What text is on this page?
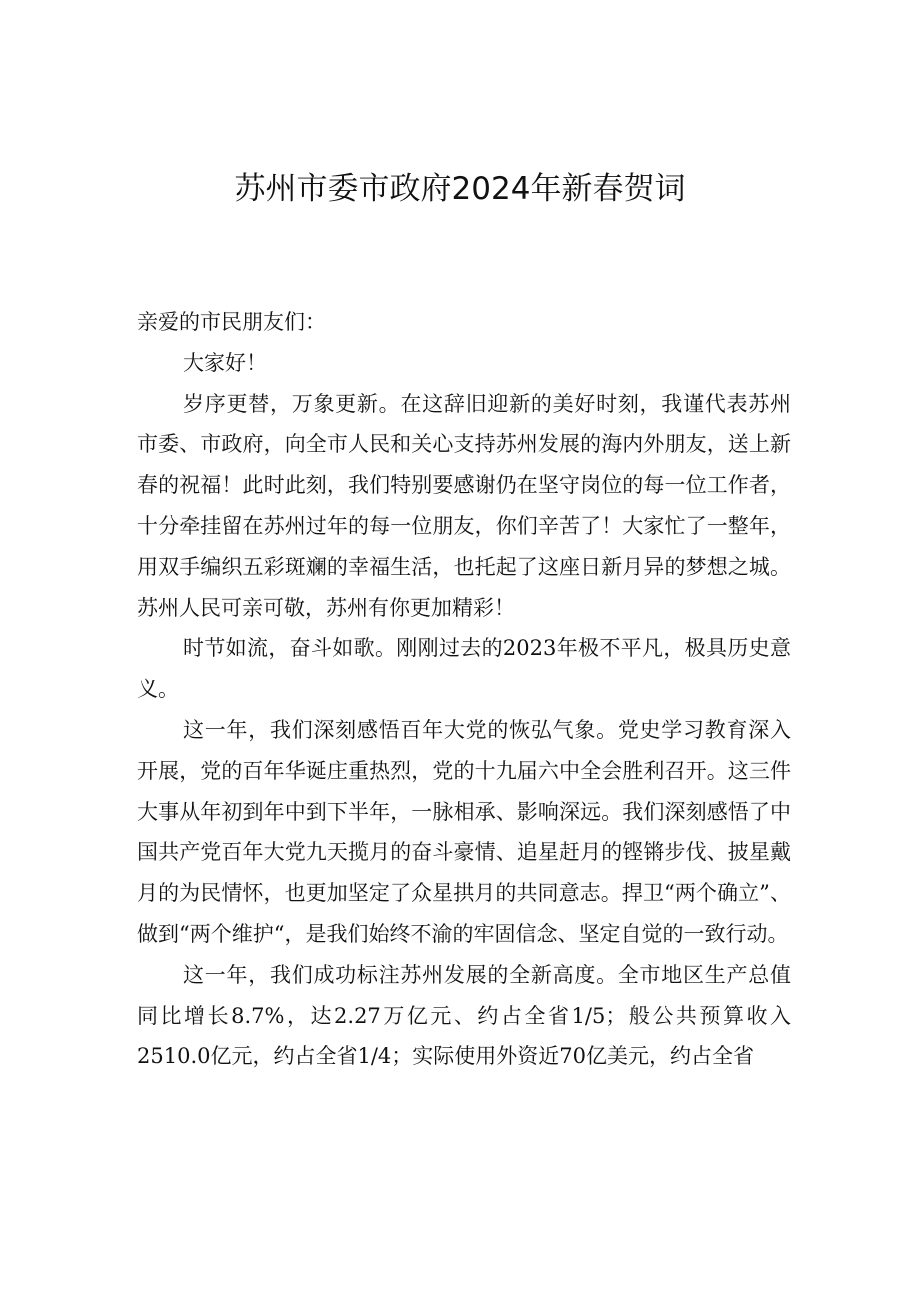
苏州市委市政府2024年新春贺词

亲爱的市民朋友们：

大家好！

岁序更替，万象更新。在这辞旧迎新的美好时刻，我谨代表苏州市委、市政府，向全市人民和关心支持苏州发展的海内外朋友，送上新春的祝福！此时此刻，我们特别要感谢仍在坚守岗位的每一位工作者，十分牵挂留在苏州过年的每一位朋友，你们辛苦了！大家忙了一整年，用双手编织五彩斑斓的幸福生活，也托起了这座日新月异的梦想之城。苏州人民可亲可敬，苏州有你更加精彩！

时节如流，奋斗如歌。刚刚过去的2023年极不平凡，极具历史意义。

这一年，我们深刻感悟百年大党的恢弘气象。党史学习教育深入开展，党的百年华诞庄重热烈，党的十九届六中全会胜利召开。这三件大事从年初到年中到下半年，一脉相承、影响深远。我们深刻感悟了中国共产党百年大党九天揽月的奋斗豪情、追星赶月的铿锵步伐、披星戴月的为民情怀，也更加坚定了众星拱月的共同意志。捍卫“两个确立”、做到“两个维护“，是我们始终不渝的牢固信念、坚定自觉的一致行动。

这一年，我们成功标注苏州发展的全新高度。全市地区生产总值同比增长8.7%，达2.27万亿元、约占全省1/5；般公共预算收入2510.0亿元，约占全省1/4；实际使用外资近70亿美元，约占全省
